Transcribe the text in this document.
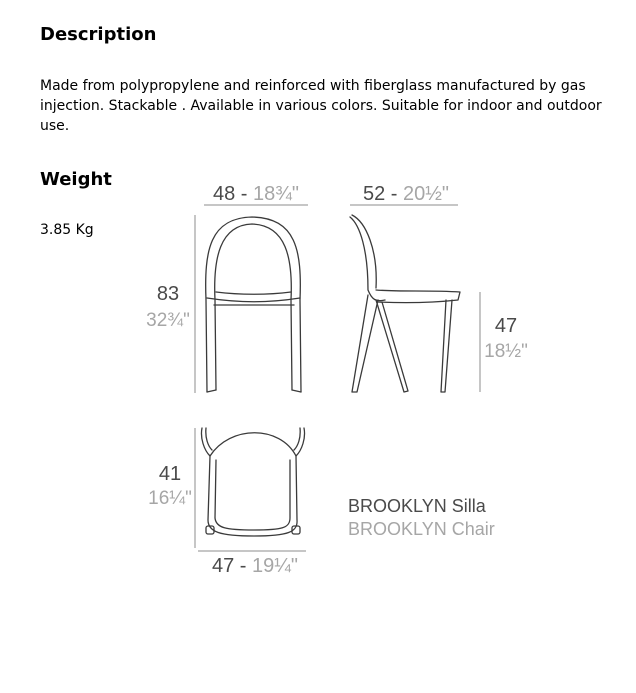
Description

Made from polypropylene and reinforced with fiberglass manufactured by gas injection. Stackable . Available in various colors. Suitable for indoor and outdoor use.

Weight
3.85 Kg
48 - 18¾"
83
32¾"
52 - 20½"
47
18½"
41
16¼"
47 - 19¼"
BROOKLYN Silla
BROOKLYN Chair
